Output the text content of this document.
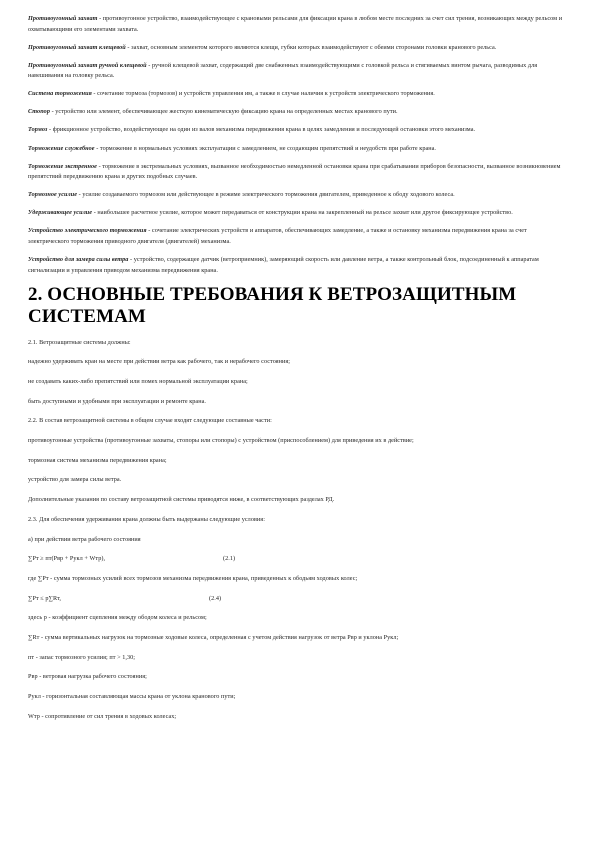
Противоугонный захват - противоугонное устройство, взаимодействующее с крановыми рельсами для фиксации крана в любом месте последних за счет сил трения, возникающих между рельсом и охватывающими его элементами захвата.

Противоугонный захват клещевой - захват, основным элементом которого являются клещи, губки которых взаимодействуют с обеими сторонами головки кранового рельса.

Противоугонный захват ручной клещевой - ручной клещевой захват, содержащий две снабженных взаимодействующими с головкой рельса и стягиваемых винтом рычага, разводимых для навешивания на головку рельса.

Система торможения - сочетание тормоза (тормозов) и устройств управления им, а также в случае наличия к устройств электрического торможения.

Стопор - устройство или элемент, обеспечивающее жесткую кинематическую фиксацию крана на определенных местах кранового пути.

Тормоз - фрикционное устройство, воздействующее на один из валов механизма передвижения крана в целях замедления и последующей остановки этого механизма.

Торможение служебное - торможение в нормальных условиях эксплуатации с замедлением, не создающим препятствий и неудобств при работе крана.

Торможение экстренное - торможение в экстремальных условиях, вызванное необходимостью немедленной остановки крана при срабатывании приборов безопасности, вызванное возникновением препятствий передвижению крана и других подобных случаев.

Тормозное усилие - усилие создаваемого тормозом или действующее в режиме электрического торможения двигателем, приведенное к ободу ходового колеса.

Удерживающее усилие - наибольшее расчетное усилие, которое может передаваться от конструкции крана на закрепленный на рельсе захват или другое фиксирующее устройство.

Устройство электрического торможения - сочетание электрических устройств и аппаратов, обеспечивающих замедление, а также и остановку механизма передвижения крана за счет электрического торможения приводного двигателя (двигателей) механизма.

Устройство для замера силы ветра - устройство, содержащее датчик (ветроприемник), замеряющий скорость или давление ветра, а также контрольный блок, подсоединенный к аппаратам сигнализации и управления приводом механизма передвижения крана.

2. ОСНОВНЫЕ ТРЕБОВАНИЯ К ВЕТРОЗАЩИТНЫМ СИСТЕМАМ

2.1. Ветрозащитные системы должны:

надежно удерживать кран на месте при действии ветра как рабочего, так и нерабочего состояния;

не создавать каких-либо препятствий или помех нормальной эксплуатации крана;

быть доступными и удобными при эксплуатации и ремонте крана.

2.2. В состав ветрозащитной системы в общем случае входят следующие составные части:

противоугонные устройства (противоугонные захваты, стопоры или стопоры) с устройством (приспособлением) для приведения их в действие;

тормозная система механизма передвижения крана;

устройство для замера силы ветра.

Дополнительные указания по составу ветрозащитной системы приводятся ниже, в соответствующих разделах РД.

2.3. Для обеспечения удерживания крана должны быть выдержаны следующие условия:

а) при действии ветра рабочего состояния

∑Рт ≥ пт(Рвр + Рукл + Wтр),	(2.1)

где ∑Рт - сумма тормозных усилий всех тормозов механизма передвижения крана, приведенных к ободьям ходовых колес;

∑Рт ≤ р∑Rт,	(2.4)

здесь р - коэффициент сцепления между ободом колеса и рельсом;

∑Rт - сумма вертикальных нагрузок на тормозные ходовые колеса, определенная с учетом действия нагрузок от ветра Рвр и уклона Рукл;

пт - запас тормозного усилия; пт > 1,30;

Рвр - ветровая нагрузка рабочего состояния;

Рукл - горизонтальная составляющая массы крана от уклона кранового пути;

Wтр - сопротивление от сил трения в ходовых колесах;
